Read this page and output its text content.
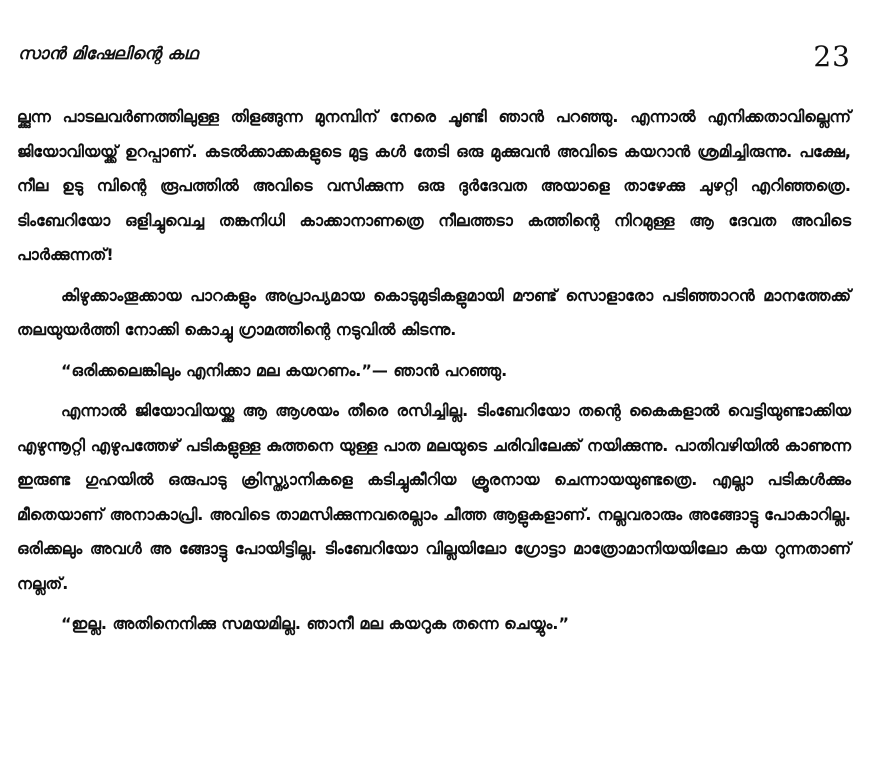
സാൻ മിഷേലിന്റെ കഥ	23

ല്ക്കുന്ന പാടലവർണത്തിലുള്ള തിളങ്ങുന്ന മുനമ്പിന് നേരെ ചൂണ്ടി ഞാൻ പറഞ്ഞു. എന്നാൽ എനിക്കതാവില്ലെന്ന് ജിയോവിയയ്ക്ക് ഉറപ്പാണ്. കടൽക്കാക്കകളുടെ മുട്ട കൾ തേടി ഒരു മുക്കുവൻ അവിടെ കയറാൻ ശ്രമിച്ചിരുന്നു. പക്ഷേ, നീല ഉടു മ്പിന്റെ രൂപത്തിൽ അവിടെ വസിക്കുന്ന ഒരു ദുർദേവത അയാളെ താഴേക്കു ചുഴറ്റി എറിഞ്ഞത്രെ. ടിംബേറിയോ ഒളിച്ചുവെച്ച തങ്കനിധി കാക്കാനാണത്രെ നീലത്തടാ കത്തിന്റെ നിറമുള്ള ആ ദേവത അവിടെ പാർക്കുന്നത്!

കിഴുക്കാംതൂക്കായ പാറകളും അപ്രാപ്യമായ കൊടുമുടികളുമായി മൗണ്ട് സൊളാരോ പടിഞ്ഞാറൻ മാനത്തേക്ക് തലയുയർത്തി നോക്കി കൊച്ചു ഗ്രാമത്തിന്റെ നടുവിൽ കിടന്നു.

“ഒരിക്കലെങ്കിലും എനിക്കാ മല കയറണം.”— ഞാൻ പറഞ്ഞു.

എന്നാൽ ജിയോവിയയ്ക്കു ആ ആശയം തീരെ രസിച്ചില്ല. ടിംബേറിയോ തന്റെ കൈകളാൽ വെട്ടിയുണ്ടാക്കിയ എഴുന്നൂറ്റി എഴുപത്തേഴ് പടികളുള്ള കുത്തനെ യുള്ള പാത മലയുടെ ചരിവിലേക്ക് നയിക്കുന്നു. പാതിവഴിയിൽ കാണുന്ന ഇരുണ്ട ഗുഹയിൽ ഒരുപാടു ക്രിസ്ത്യാനികളെ കടിച്ചുകീറിയ ക്രൂരനായ ചെന്നായയുണ്ടത്രെ. എല്ലാ പടികൾക്കും മീതെയാണ് അനാകാപ്രി. അവിടെ താമസിക്കുന്നവരെല്ലാം ചീത്ത ആളുകളാണ്. നല്ലവരാരും അങ്ങോട്ടു പോകാറില്ല. ഒരിക്കലും അവൾ അ ങ്ങോട്ടു പോയിട്ടില്ല. ടിംബേറിയോ വില്ലയിലോ ഗ്രോട്ടാ മാത്രോമാനിയയിലോ കയ റുന്നതാണ് നല്ലത്.

“ഇല്ല. അതിനെനിക്കു സമയമില്ല. ഞാനീ മല കയറുക തന്നെ ചെയ്യും.”
